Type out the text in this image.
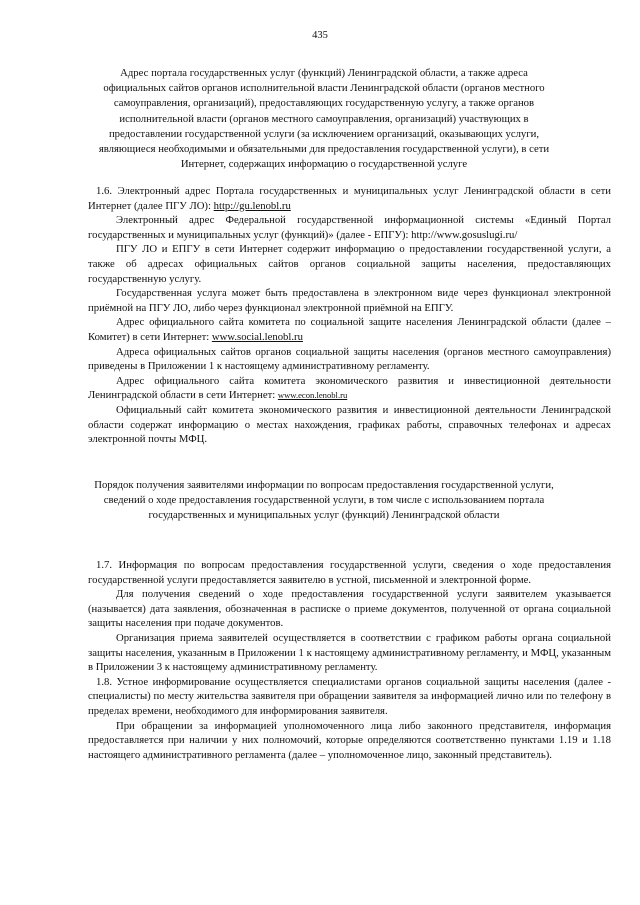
435
Адрес портала государственных услуг (функций) Ленинградской области, а также адреса официальных сайтов органов исполнительной власти Ленинградской области (органов местного самоуправления, организаций), предоставляющих государственную услугу, а также органов исполнительной власти (органов местного самоуправления, организаций) участвующих в предоставлении государственной услуги (за исключением организаций, оказывающих услуги, являющиеся необходимыми и обязательными для предоставления государственной услуги), в сети Интернет, содержащих информацию о государственной услуге

1.6. Электронный адрес Портала государственных и муниципальных услуг Ленинградской области в сети Интернет (далее ПГУ ЛО): http://gu.lenobl.ru

Электронный адрес Федеральной государственной информационной системы «Единый Портал государственных и муниципальных услуг (функций)» (далее - ЕПГУ): http://www.gosuslugi.ru/

ПГУ ЛО и ЕПГУ в сети Интернет содержит информацию о предоставлении государственной услуги, а также об адресах официальных сайтов органов социальной защиты населения, предоставляющих государственную услугу.

Государственная услуга может быть предоставлена в электронном виде через функционал электронной приёмной на ПГУ ЛО, либо через функционал электронной приёмной на ЕПГУ.

Адрес официального сайта комитета по социальной защите населения Ленинградской области (далее – Комитет) в сети Интернет: www.social.lenobl.ru

Адреса официальных сайтов органов социальной защиты населения (органов местного самоуправления) приведены в Приложении 1 к настоящему административному регламенту.

Адрес официального сайта комитета экономического развития и инвестиционной деятельности Ленинградской области в сети Интернет: www.econ.lenobl.ru

Официальный сайт комитета экономического развития и инвестиционной деятельности Ленинградской области содержат информацию о местах нахождения, графиках работы, справочных телефонах и адресах электронной почты МФЦ.

Порядок получения заявителями информации по вопросам предоставления государственной услуги, сведений о ходе предоставления государственной услуги, в том числе с использованием портала государственных и муниципальных услуг (функций) Ленинградской области

1.7. Информация по вопросам предоставления государственной услуги, сведения о ходе предоставления государственной услуги предоставляется заявителю в устной, письменной и электронной форме.

Для получения сведений о ходе предоставления государственной услуги заявителем указывается (называется) дата заявления, обозначенная в расписке о приеме документов, полученной от органа социальной защиты населения при подаче документов.

Организация приема заявителей осуществляется в соответствии с графиком работы органа социальной защиты населения, указанным в Приложении 1 к настоящему административному регламенту, и МФЦ, указанным в Приложении 3 к настоящему административному регламенту.

1.8. Устное информирование осуществляется специалистами органов социальной защиты населения (далее - специалисты) по месту жительства заявителя при обращении заявителя за информацией лично или по телефону в пределах времени, необходимого для информирования заявителя.

При обращении за информацией уполномоченного лица либо законного представителя, информация предоставляется при наличии у них полномочий, которые определяются соответственно пунктами 1.19 и 1.18 настоящего административного регламента (далее – уполномоченное лицо, законный представитель).
